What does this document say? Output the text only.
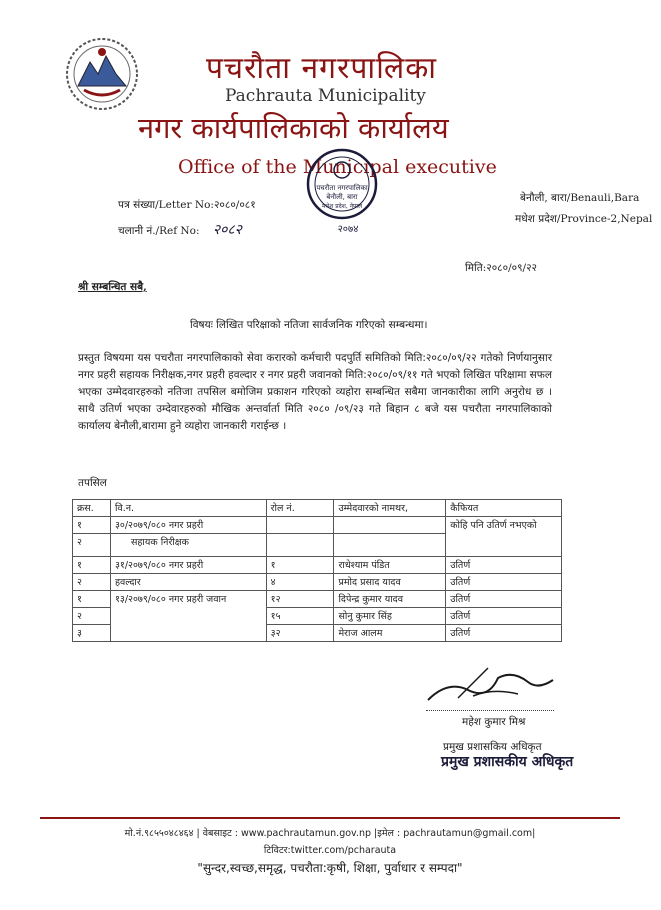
पचरौता नगरपालिका
Pachrauta Municipality
नगर कार्यपालिकाको कार्यालय
Office of the Municipal executive
पचरौता नगरपालिका
बेनौली, बारा
मधेश प्रदेश, नेपाल
२०७४
पत्र संख्या/Letter No:२०८०/०८१
चलानी नं./Ref No: २०८२
बेनौली, बारा/Benauli,Bara
मधेश प्रदेश/Province-2,Nepal
मिति:२०८०/०९/२२
श्री सम्बन्धित सबै,
विषयः लिखित परिक्षाको नतिजा सार्वजनिक गरिएको सम्बन्धमा।
प्रस्तुत विषयमा यस पचरौता नगरपालिकाको सेवा करारको कर्मचारी पदपुर्ति समितिको मिति:२०८०/०९/२२ गतेको निर्णयानुसार नगर प्रहरी सहायक निरीक्षक,नगर प्रहरी हवल्दार र नगर प्रहरी जवानको मिति:२०८०/०९/११ गते भएको लिखित परिक्षामा सफल भएका उम्मेदवारहरुको नतिजा तपसिल बमोजिम प्रकाशन गरिएको व्यहोरा सम्बन्धित सबैमा जानकारीका लागि अनुरोध छ । साथै उतिर्ण भएका उम्देवारहरुको मौखिक अन्तर्वार्ता मिति २०८० /०९/२३ गते बिहान ८ बजे यस पचरौता नगरपालिकाको कार्यालय बेनौली,बारामा हुने व्यहोरा जानकारी गराईन्छ ।
तपसिल
क्रस.	वि.न.	रोल नं.	उम्मेदवारको नामथर,	कैफियत
१	३०/२०७९/०८० नगर प्रहरी			कोहि पनि उतिर्ण नभएको
२	सहायक निरीक्षक			
१	३१/२०७९/०८० नगर प्रहरी	१	राधेश्याम पंडित	उतिर्ण
२	हवल्दार	४	प्रमोद प्रसाद यादव	उतिर्ण
१	१३/२०७९/०८० नगर प्रहरी जवान	१२	दिपेन्द्र कुमार यादव	उतिर्ण
२		१५	सोनु कुमार सिंह	उतिर्ण
३		३२	मेराज आलम	उतिर्ण
महेश कुमार मिश्र
प्रमुख प्रशासकिय अधिकृत
प्रमुख प्रशासकीय अधिकृत
मो.नं.९८५५०४८४६४ | वेबसाइट : www.pachrautamun.gov.np |इमेल : pachrautamun@gmail.com|
टिविटर:twitter.com/pcharauta
"सुन्दर,स्वच्छ,समृद्ध, पचरौता:कृषी, शिक्षा, पुर्वाधार र सम्पदा"
